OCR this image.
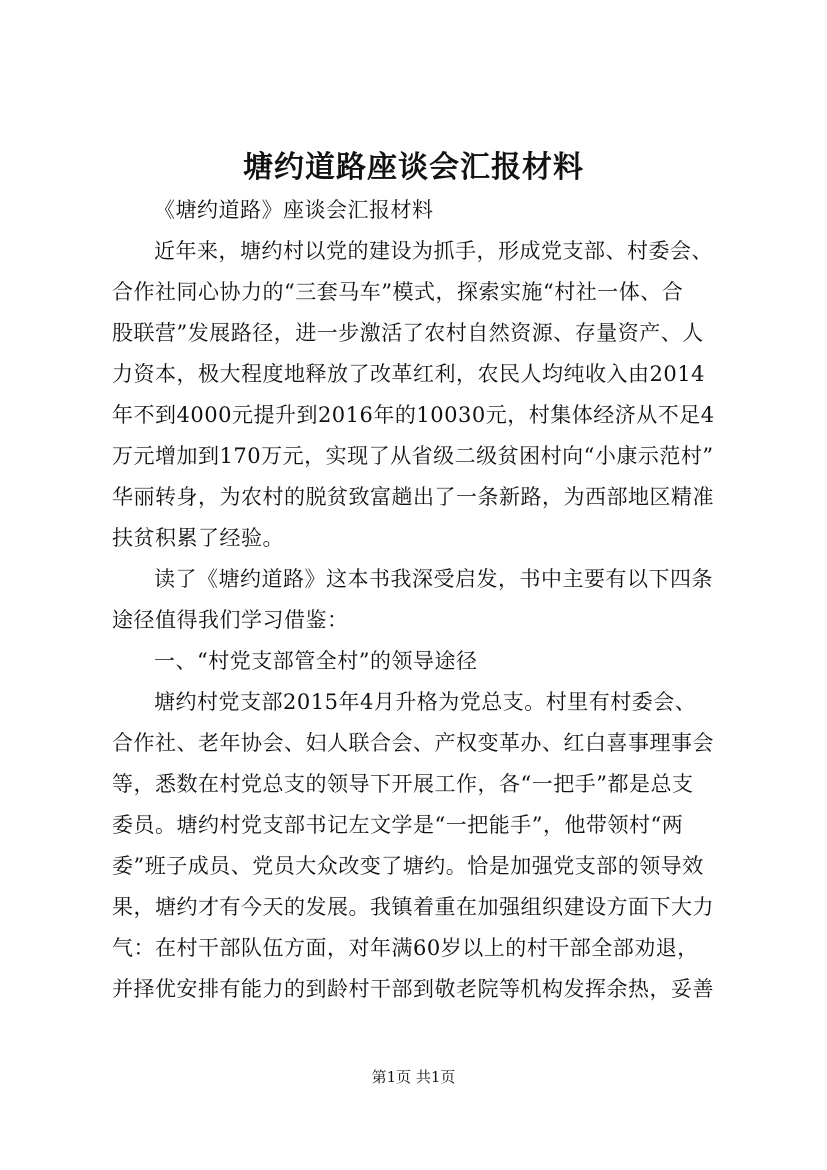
塘约道路座谈会汇报材料
《塘约道路》座谈会汇报材料
近年来，塘约村以党的建设为抓手，形成党支部、村委会、
合作社同心协力的“三套马车”模式，探索实施“村社一体、合
股联营”发展路径，进一步激活了农村自然资源、存量资产、人
力资本，极大程度地释放了改革红利，农民人均纯收入由2014
年不到4000元提升到2016年的10030元，村集体经济从不足4
万元增加到170万元，实现了从省级二级贫困村向“小康示范村”
华丽转身，为农村的脱贫致富趟出了一条新路，为西部地区精准
扶贫积累了经验。
读了《塘约道路》这本书我深受启发，书中主要有以下四条
途径值得我们学习借鉴：
一、“村党支部管全村”的领导途径
塘约村党支部2015年4月升格为党总支。村里有村委会、
合作社、老年协会、妇人联合会、产权变革办、红白喜事理事会
等，悉数在村党总支的领导下开展工作，各“一把手”都是总支
委员。塘约村党支部书记左文学是“一把能手”，他带领村“两
委”班子成员、党员大众改变了塘约。恰是加强党支部的领导效
果，塘约才有今天的发展。我镇着重在加强组织建设方面下大力
气：在村干部队伍方面，对年满60岁以上的村干部全部劝退，
并择优安排有能力的到龄村干部到敬老院等机构发挥余热，妥善
第1页 共1页
